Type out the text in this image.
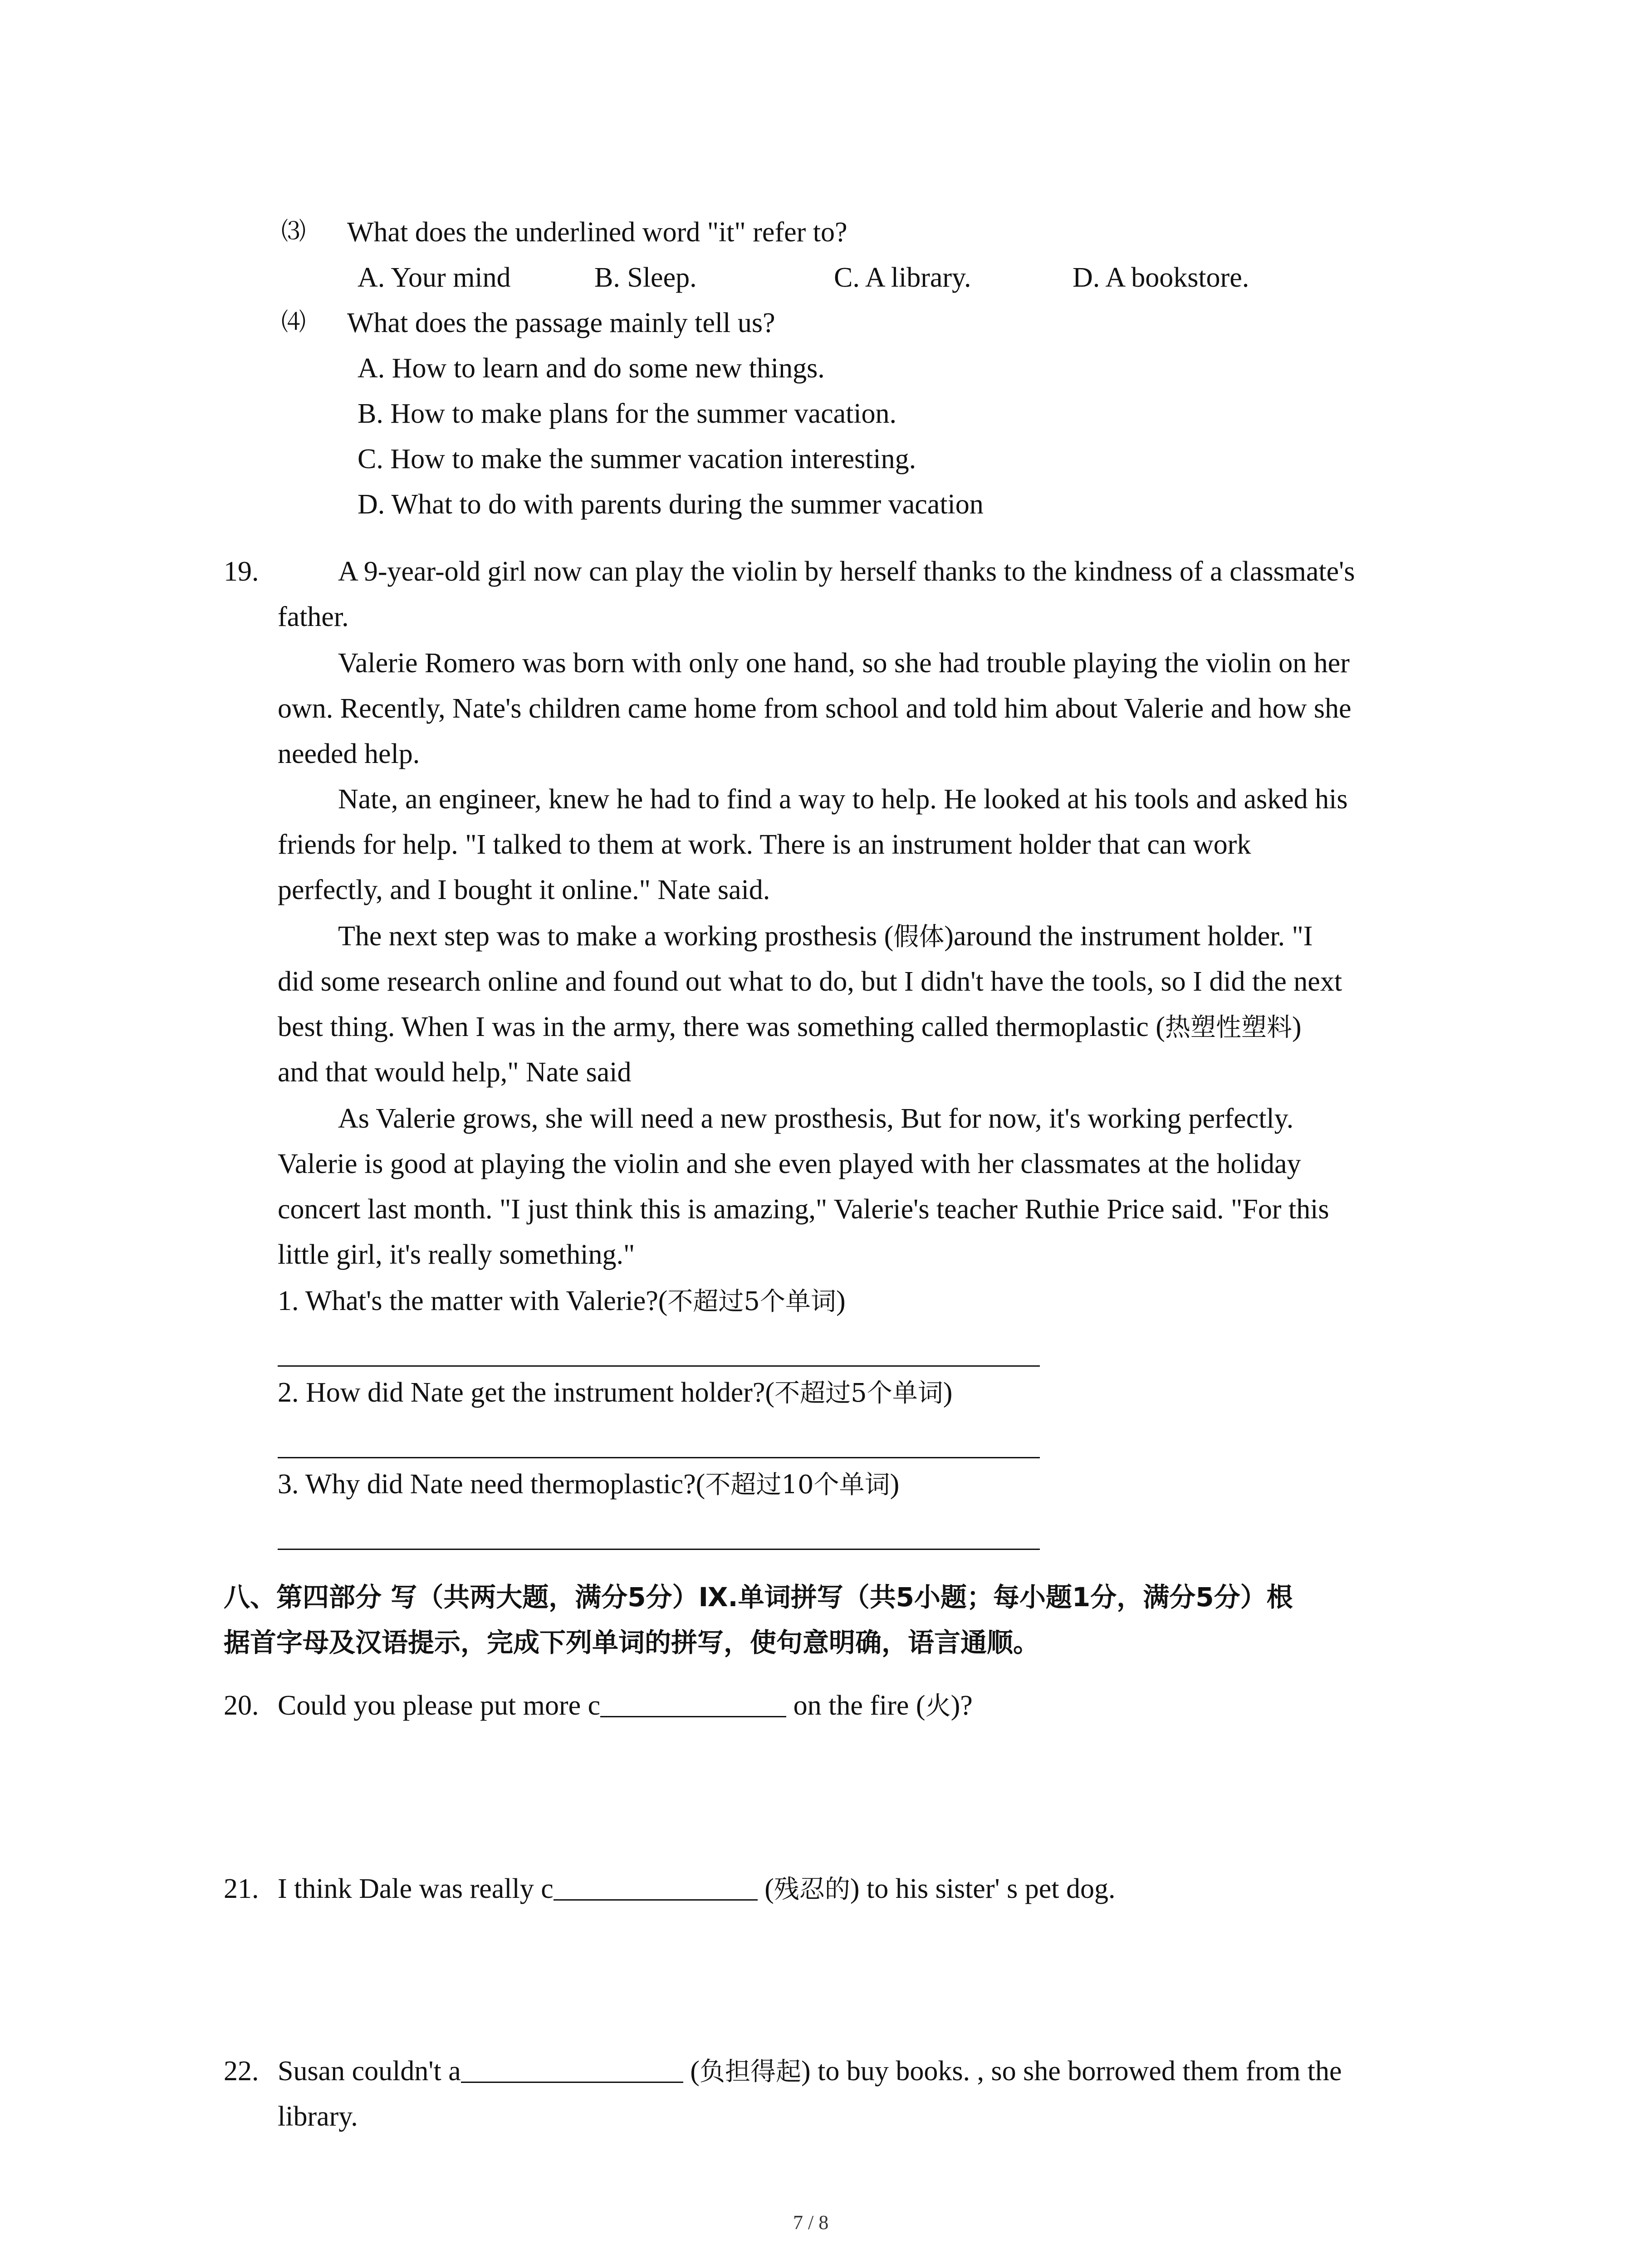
⑶ What does the underlined word "it" refer to?
A. Your mind	B. Sleep.	C. A library.	D. A bookstore.
⑷ What does the passage mainly tell us?
A. How to learn and do some new things.
B. How to make plans for the summer vacation.
C. How to make the summer vacation interesting.
D. What to do with parents during the summer vacation
19.	A 9-year-old girl now can play the violin by herself thanks to the kindness of a classmate's
father.
Valerie Romero was born with only one hand, so she had trouble playing the violin on her
own. Recently, Nate's children came home from school and told him about Valerie and how she
needed help.
Nate, an engineer, knew he had to find a way to help. He looked at his tools and asked his
friends for help. "I talked to them at work. There is an instrument holder that can work
perfectly, and I bought it online." Nate said.
The next step was to make a working prosthesis (假体)around the instrument holder. "I
did some research online and found out what to do, but I didn't have the tools, so I did the next
best thing. When I was in the army, there was something called thermoplastic (热塑性塑料)
and that would help," Nate said
As Valerie grows, she will need a new prosthesis, But for now, it's working perfectly.
Valerie is good at playing the violin and she even played with her classmates at the holiday
concert last month. "I just think this is amazing," Valerie's teacher Ruthie Price said. "For this
little girl, it's really something."
1. What's the matter with Valerie?(不超过5个单词)
2. How did Nate get the instrument holder?(不超过5个单词)
3. Why did Nate need thermoplastic?(不超过10个单词)
八、第四部分 写（共两大题，满分5分）Ⅸ.单词拼写（共5小题；每小题1分，满分5分）根
据首字母及汉语提示，完成下列单词的拼写，使句意明确，语言通顺。
20. Could you please put more c	on the fire (火)?
21. I think Dale was really c	(残忍的) to his sister' s pet dog.
22. Susan couldn't a	(负担得起) to buy books. , so she borrowed them from the
library.
7 / 8
